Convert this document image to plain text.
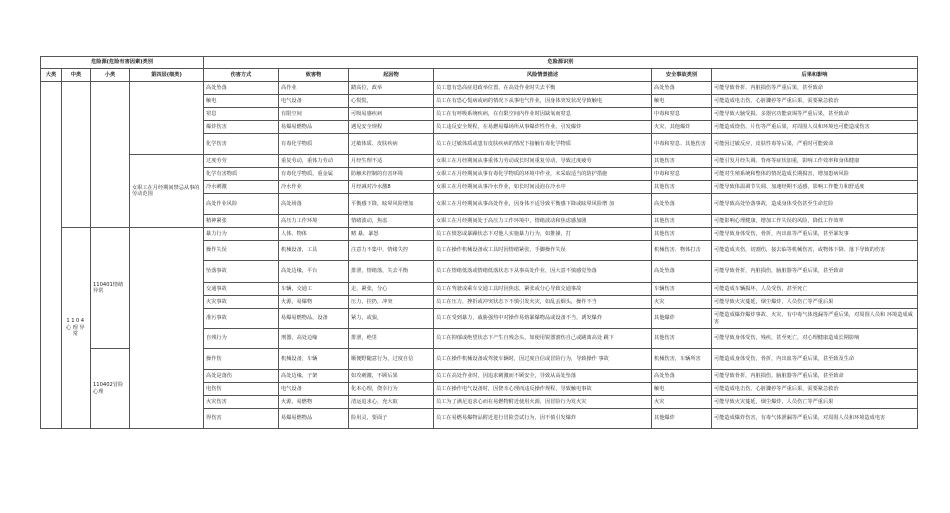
危险源(危险有害因素)类别				危险源识别					
大类	中类	小类	第四层(细类)	伤害方式	致害物	起因物	风险情景描述	安全事故类别	后果和影响
				高处坠落	高作业	踏高位，政举	员工患有恐高症进政举位置，在高处作业时失去平衡	高处坠落	可能导致骨折、内脏损伤等严重后果，甚至致命
				触电	电气设备	心慌慌，	员工在有恐心慌病或病的情况下从事电气作业，因身体突发状况导致触电	触电	可能造成电击伤，心脏骤停等严重后果，需要紧急救治
				窒息	有限空间	可吸易感疾病	员工在有呼吸系统疾病，在有限空间内作业时因缺氧而窒息	中毒和窒息	可能导致大脑受损、多器官功能衰竭等严重后果，甚至致命
				爆炸伤害	易爆易燃物品	遇见安全规程	员工违反安全规程，在易燃易爆场所从事爆炸性作业，引发爆炸	火灾、其他爆炸	可能造成烧伤、片伤等严重后果，对周围人员和环境也可能造成伤害
				化学伤害	有毒化学物质	过敏体质、皮肤疾病	员工在过敏体质或患有皮肤疾病的情况下接触有毒化学物质	中毒和窒息、其他伤害	可能因过敏反应，皮肤性毒等后果，严重时可能致命
			女职工在月经期间禁忌从事的劳动范围	过度劳劳	重复劳动，重体力劳动	月经生理不适	女职工在月经期间从事重体力劳动或长时间重复劳动，导致过度疲劳	其他伤害	可能引发月经失调、背疼等症状加重，影响工作效率和身体健康
				化学有害物质	有毒化学物质，重金属	防触未控制的有害环境	女职工在月经期间从事有毒化学物质的环境中作业，未采取适当的防护措施	中毒和窒息	可能对生殖系统和整体的情况造成长期损害，增加患病风险
				冷水刺激	冷水作业	月经减对冷水激8	女职工在月经期间从事冷水作业，如长时间浸泡在冷水中	其他伤害	可能导致体温调节失调、加速经期不适感，影响工作能力和舒适度
				高处作业风险	高处场落	平衡感下降，眩晕风险增加	女职工在月经期间从事高处作业，因身体不适导致平衡感下降或眩晕风险增 加	高处坠落	可能导致高处坠落事故，造成身体受伤甚至生命危险
				精神紧张	高压力工作环境	情绪波动，焦虑	女职工在月经期间处于高压力工作环境中，情绪波动和焦虑感加剧	其他伤害	可能影响心理健康，增加工作失误的风险，降低工作效率
	1104心理异常	110401情绪异常		暴力行为	人体、物体	赌 暴，暴怒	员工在愤怒或暴躁状态下对他人实施暴力行为，如推搡，打	其他伤害	可能导致身体受伤，骨折，内出血等严重后果，甚至暴发事
				操作失误	机械设备，工具	注意力不集中，情绪失控	员工在操作机械设备或工具时因情绪紧张，手脚操作失误	机械伤害、物体打击	可能造成夹伤，切割伤，接去临等机械伤害，或物体下降、落下导致的伤害
				坠落事故	高处边缘，平台	排泄，情绪落，失去平衡	员工在情绪低落或情绪低落状态下从事高处作业，因大意不慎感觉坠落	高处坠落	可能导致骨折，内脏损伤，脑脏器等严重后果，甚至致命
				交通事故	车辆，交通工	走，紧张，分心	员工在驾驶或乘车交通工具时因焦虑，紧张或分心导致交通事故	车辆伤害	可能造成车辆损坏，人员受伤，甚至死亡
				火灾事故	火源，易爆物	压力，挂扔，冲突	员工在压力，挫折或冲突状态下不慎引发火灾，如乱丢烟头，操作不当	火灾	可能导致火灾蔓延，烟尘爆炸，人员伤亡等严重后果
				准污事故	易爆易燃物品，设备	紧力，或狼，	员工在受到暴力，戚胁强热中对操作易熔暴爆物品或设备不当，诱发爆炸	其他爆炸	可能造成爆炸爆炸事故、火灾、有中毒气体逸漏等严重后果，对周围人员和 环境造成威害
				自残行为	刑器，高处边缘	排泄，绝里	员工在抑郁或绝望状态下产生自残念头，如使用锐器割伤自己或跳离高处 跳下	其他伤害	可能导致身体受伤，残疾，甚至死亡，对心理健康造成长期影响
		110402冒险心理		操作伤	机械设备，车辆	顺便野随意行为，过度自信	员工在操作机械设备或驾驶车辆时，因过度自信或冒险行为，导致操作 事故	机械伤害，车辆所害	可能造成身体受伤，骨折，内出血等严重后果，甚至致及生命
				高处是落伤	高处边缘，子架	如攻刺激，不顾后果	员工在高处作业时，因追求刺激而不顾安全，导致从高处坠落	高处坠落	可能导致骨折，内脏损伤，脑脏器等严重后果，甚至致命
				电伤伤	电气设备	化本心理，侥幸行为	员工在操作电气设备时，因侥幸心理而违反操作规程，导致触电事故	触电	可能造成电击伤，心脏骤停等严重后果，需要紧急救治
				火灾伤害	火源，易燃物	清运追求心，充大取	员工为了满足追求心而在易燃物附近使用火源，因冒险行为发火灾	火灾	可能导致火灾蔓延，烟尘爆炸，人员伤亡等严重后果
				得伤害	易爆易燃物品	险用灵，要面子	员工在易燃易爆物品附近进行冒险尝试行为，因不慎引发爆炸	其他爆炸	可能造成爆炸伤害，有毒气体泄漏等严重后果，对周围人员和环境造成电害
